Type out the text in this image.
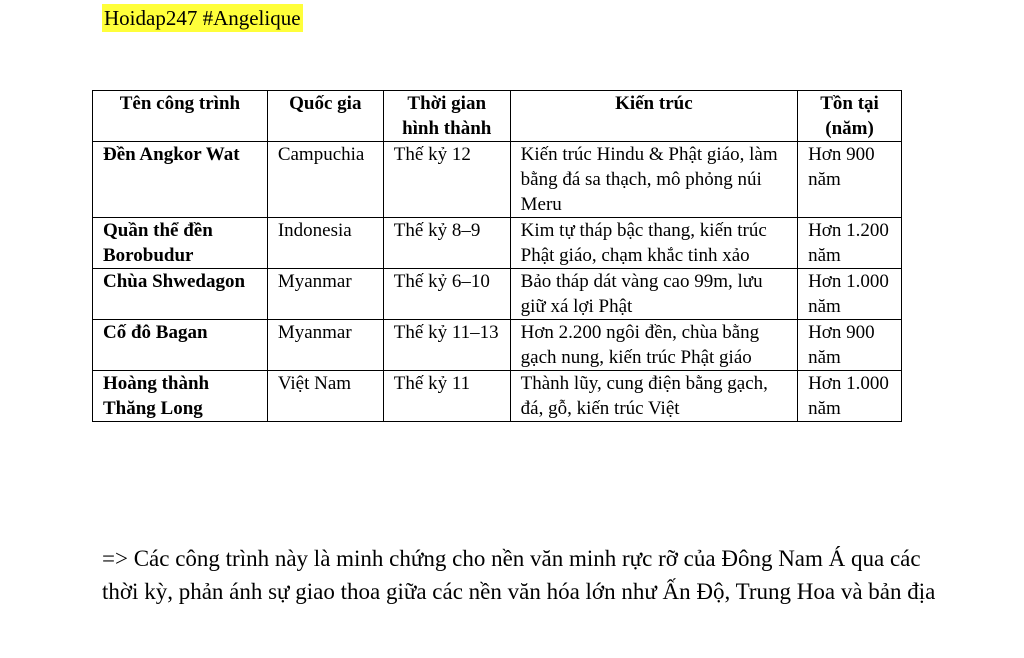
Hoidap247 #Angelique
Tên công trình	Quốc gia	Thời gian hình thành	Kiến trúc	Tồn tại (năm)
Đền Angkor Wat	Campuchia	Thế kỷ 12	Kiến trúc Hindu & Phật giáo, làm bằng đá sa thạch, mô phỏng núi Meru	Hơn 900 năm
Quần thể đền Borobudur	Indonesia	Thế kỷ 8–9	Kim tự tháp bậc thang, kiến trúc Phật giáo, chạm khắc tinh xảo	Hơn 1.200 năm
Chùa Shwedagon	Myanmar	Thế kỷ 6–10	Bảo tháp dát vàng cao 99m, lưu giữ xá lợi Phật	Hơn 1.000 năm
Cố đô Bagan	Myanmar	Thế kỷ 11–13	Hơn 2.200 ngôi đền, chùa bằng gạch nung, kiến trúc Phật giáo	Hơn 900 năm
Hoàng thành Thăng Long	Việt Nam	Thế kỷ 11	Thành lũy, cung điện bằng gạch, đá, gỗ, kiến trúc Việt	Hơn 1.000 năm

=> Các công trình này là minh chứng cho nền văn minh rực rỡ của Đông Nam Á qua các thời kỳ, phản ánh sự giao thoa giữa các nền văn hóa lớn như Ấn Độ, Trung Hoa và bản địa
